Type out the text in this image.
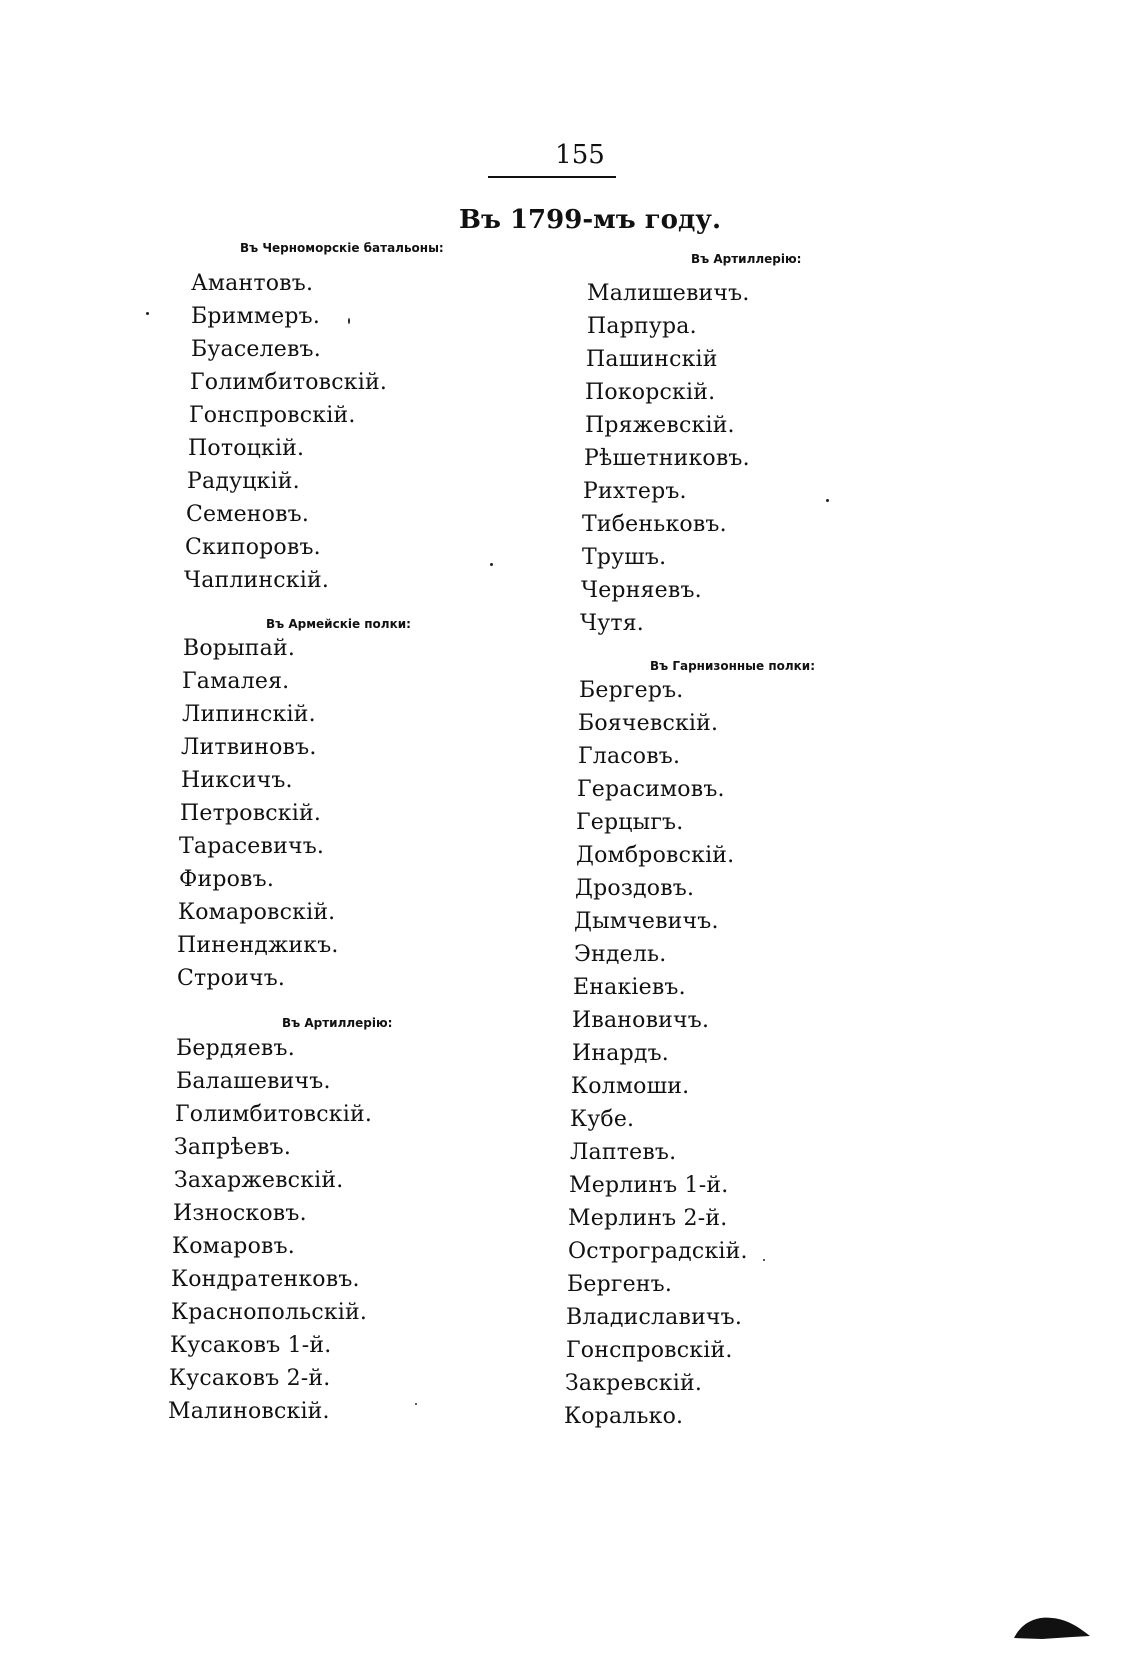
155
Въ 1799-мъ году.
Въ Черноморскіе батальоны:
Амантовъ.
Бриммеръ.
Буаселевъ.
Голимбитовскій.
Гонспровскій.
Потоцкій.
Радуцкій.
Семеновъ.
Скипоровъ.
Чаплинскій.
Въ Армейскіе полки:
Ворыпай.
Гамалея.
Липинскій.
Литвиновъ.
Никсичъ.
Петровскій.
Тарасевичъ.
Фировъ.
Комаровскій.
Пинeнджикъ.
Строичъ.
Въ Артиллерію:
Бердяевъ.
Балашевичъ.
Голимбитовскій.
Запрѣевъ.
Захаржевскій.
Износковъ.
Комаровъ.
Кондратенковъ.
Краснопольскій.
Кусаковъ 1-й.
Кусаковъ 2-й.
Малиновскій.
Въ Артиллерію:
Малишевичъ.
Парпура.
Пашинскій
Покорскій.
Пряжевскій.
Рѣшетниковъ.
Рихтеръ.
Тибеньковъ.
Трушъ.
Черняевъ.
Чутя.
Въ Гарнизонные полки:
Бергеръ.
Боячевскій.
Гласовъ.
Герасимовъ.
Герцыгъ.
Домбровскій.
Дроздовъ.
Дымчевичъ.
Эндель.
Енакіевъ.
Ивановичъ.
Инардъ.
Колмоши.
Кубе.
Лаптевъ.
Мерлинъ 1-й.
Мерлинъ 2-й.
Остроградскій.
Бергенъ.
Владиславичъ.
Гонспровскій.
Закревскій.
Коралько.
